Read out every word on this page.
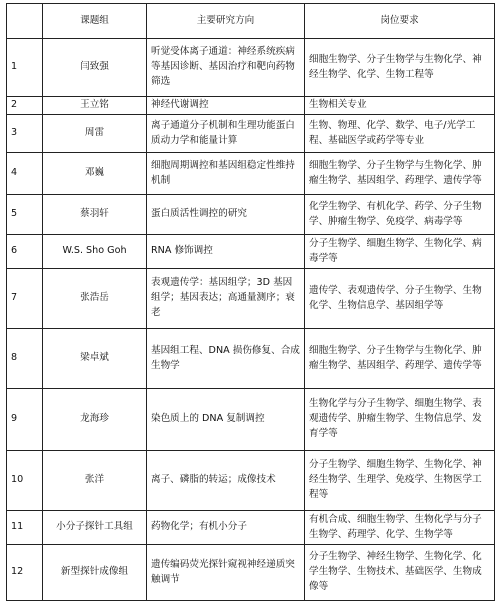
	课题组	主要研究方向	岗位要求
1	闫致强	听觉受体离子通道：神经系统疾病等基因诊断、基因治疗和靶向药物筛选	细胞生物学、分子生物学与生物化学、神经生物学、化学、生物工程等
2	王立铭	神经代谢调控	生物相关专业
3	周雷	离子通道分子机制和生理功能蛋白质动力学和能量计算	生物、物理、化学、数学、电子/光学工程、基础医学或药学等专业
4	邓巍	细胞周期调控和基因组稳定性维持机制	细胞生物学、分子生物学与生物化学、肿瘤生物学、基因组学、药理学、遗传学等
5	蔡羽轩	蛋白质活性调控的研究	化学生物学、有机化学、药学、分子生物学、肿瘤生物学、免疫学、病毒学等
6	W.S. Sho Goh	RNA 修饰调控	分子生物学、细胞生物学、生物化学、病毒学等
7	张浩岳	表观遗传学：基因组学；3D 基因组学；基因表达；高通量测序；衰老	遗传学、表观遗传学、分子生物学、生物化学、生物信息学、基因组学等
8	梁卓斌	基因组工程、DNA 损伤修复、合成生物学	细胞生物学、分子生物学与生物化学、肿瘤生物学、基因组学、药理学、遗传学等
9	龙海珍	染色质上的 DNA 复制调控	生物化学与分子生物学、细胞生物学、表观遗传学、肿瘤生物学、生物信息学、发育学等
10	张洋	离子、磷脂的转运；成像技术	分子生物学、细胞生物学、生物化学、神经生物学、生理学、免疫学、生物医学工程等
11	小分子探针工具组	药物化学；有机小分子	有机合成、细胞生物学、生物化学与分子生物学、药理学、化学、生物学等
12	新型探针成像组	遗传编码荧光探针窥视神经递质突触调节	分子生物学、神经生物学、生物化学、化学生物学、生物技术、基础医学、生物成像等
